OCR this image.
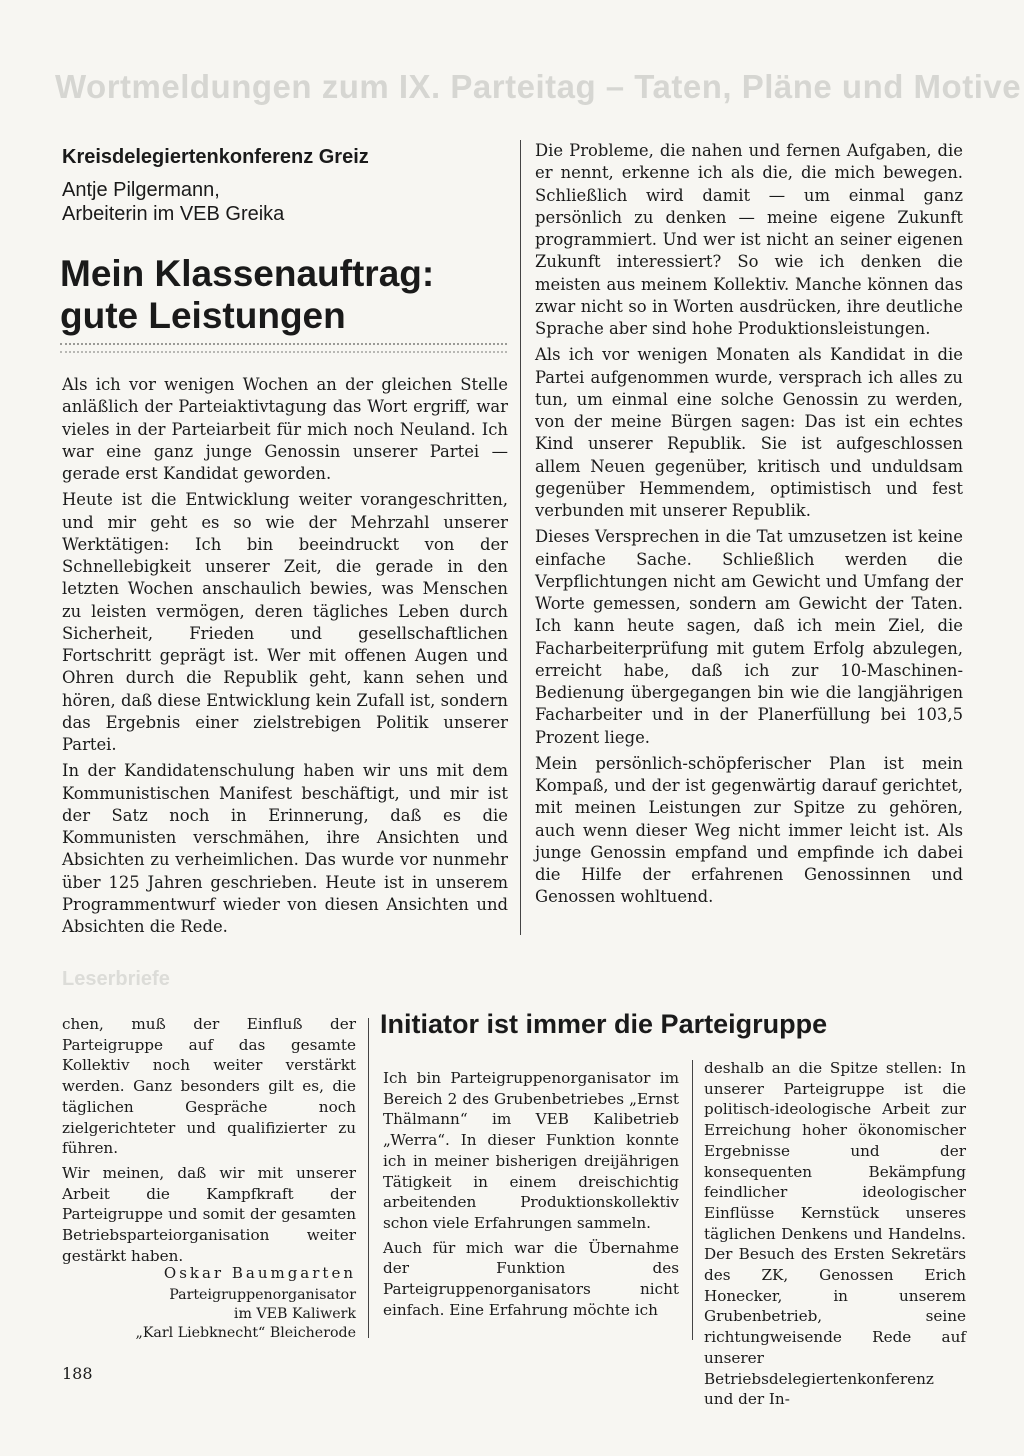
Wortmeldungen zum IX. Parteitag – Taten, Pläne und Motive
Kreisdelegiertenkonferenz Greiz
Antje Pilgermann,
Arbeiterin im VEB Greika
Mein Klassenauftrag:
gute Leistungen

Als ich vor wenigen Wochen an der gleichen Stelle anläßlich der Parteiaktivtagung das Wort ergriff, war vieles in der Parteiarbeit für mich noch Neuland. Ich war eine ganz junge Genossin unserer Partei — gerade erst Kandidat geworden.

Heute ist die Entwicklung weiter vorangeschritten, und mir geht es so wie der Mehrzahl unserer Werktätigen: Ich bin beeindruckt von der Schnellebigkeit unserer Zeit, die gerade in den letzten Wochen anschaulich bewies, was Menschen zu leisten vermögen, deren tägliches Leben durch Sicherheit, Frieden und gesellschaftlichen Fortschritt geprägt ist. Wer mit offenen Augen und Ohren durch die Republik geht, kann sehen und hören, daß diese Entwicklung kein Zufall ist, sondern das Ergebnis einer zielstrebigen Politik unserer Partei.

In der Kandidatenschulung haben wir uns mit dem Kommunistischen Manifest beschäftigt, und mir ist der Satz noch in Erinnerung, daß es die Kommunisten verschmähen, ihre Ansichten und Absichten zu verheimlichen. Das wurde vor nunmehr über 125 Jahren geschrieben. Heute ist in unserem Programmentwurf wieder von diesen Ansichten und Absichten die Rede.

Die Probleme, die nahen und fernen Aufgaben, die er nennt, erkenne ich als die, die mich bewegen. Schließlich wird damit — um einmal ganz persönlich zu denken — meine eigene Zukunft programmiert. Und wer ist nicht an seiner eigenen Zukunft interessiert? So wie ich denken die meisten aus meinem Kollektiv. Manche können das zwar nicht so in Worten ausdrücken, ihre deutliche Sprache aber sind hohe Produktionsleistungen.

Als ich vor wenigen Monaten als Kandidat in die Partei aufgenommen wurde, versprach ich alles zu tun, um einmal eine solche Genossin zu werden, von der meine Bürgen sagen: Das ist ein echtes Kind unserer Republik. Sie ist aufgeschlossen allem Neuen gegenüber, kritisch und unduldsam gegenüber Hemmendem, optimistisch und fest verbunden mit unserer Republik.

Dieses Versprechen in die Tat umzusetzen ist keine einfache Sache. Schließlich werden die Verpflichtungen nicht am Gewicht und Umfang der Worte gemessen, sondern am Gewicht der Taten. Ich kann heute sagen, daß ich mein Ziel, die Facharbeiterprüfung mit gutem Erfolg abzulegen, erreicht habe, daß ich zur 10-Maschinen-Bedienung übergegangen bin wie die langjährigen Facharbeiter und in der Planerfüllung bei 103,5 Prozent liege.

Mein persönlich-schöpferischer Plan ist mein Kompaß, und der ist gegenwärtig darauf gerichtet, mit meinen Leistungen zur Spitze zu gehören, auch wenn dieser Weg nicht immer leicht ist. Als junge Genossin empfand und empfinde ich dabei die Hilfe der erfahrenen Genossinnen und Genossen wohltuend.

Leserbriefe

chen, muß der Einfluß der Parteigruppe auf das gesamte Kollektiv noch weiter verstärkt werden. Ganz besonders gilt es, die täglichen Gespräche noch zielgerichteter und qualifizierter zu führen.

Wir meinen, daß wir mit unserer Arbeit die Kampfkraft der Parteigruppe und somit der gesamten Betriebsparteiorganisation weiter gestärkt haben.

Oskar Baumgarten
Parteigruppenorganisator
im VEB Kaliwerk
„Karl Liebknecht“ Bleicherode
Initiator ist immer die Parteigruppe

Ich bin Parteigruppenorganisator im Bereich 2 des Grubenbetriebes „Ernst Thälmann“ im VEB Kalibetrieb „Werra“. In dieser Funktion konnte ich in meiner bisherigen dreijährigen Tätigkeit in einem dreischichtig arbeitenden Produktionskollektiv schon viele Erfahrungen sammeln.

Auch für mich war die Übernahme der Funktion des Parteigruppenorganisators nicht einfach. Eine Erfahrung möchte ich

deshalb an die Spitze stellen: In unserer Parteigruppe ist die politisch-ideologische Arbeit zur Erreichung hoher ökonomischer Ergebnisse und der konsequenten Bekämpfung feindlicher ideologischer Einflüsse Kernstück unseres täglichen Denkens und Handelns. Der Besuch des Ersten Sekretärs des ZK, Genossen Erich Honecker, in unserem Grubenbetrieb, seine richtungweisende Rede auf unserer Betriebsdelegiertenkonferenz und der In-

188
